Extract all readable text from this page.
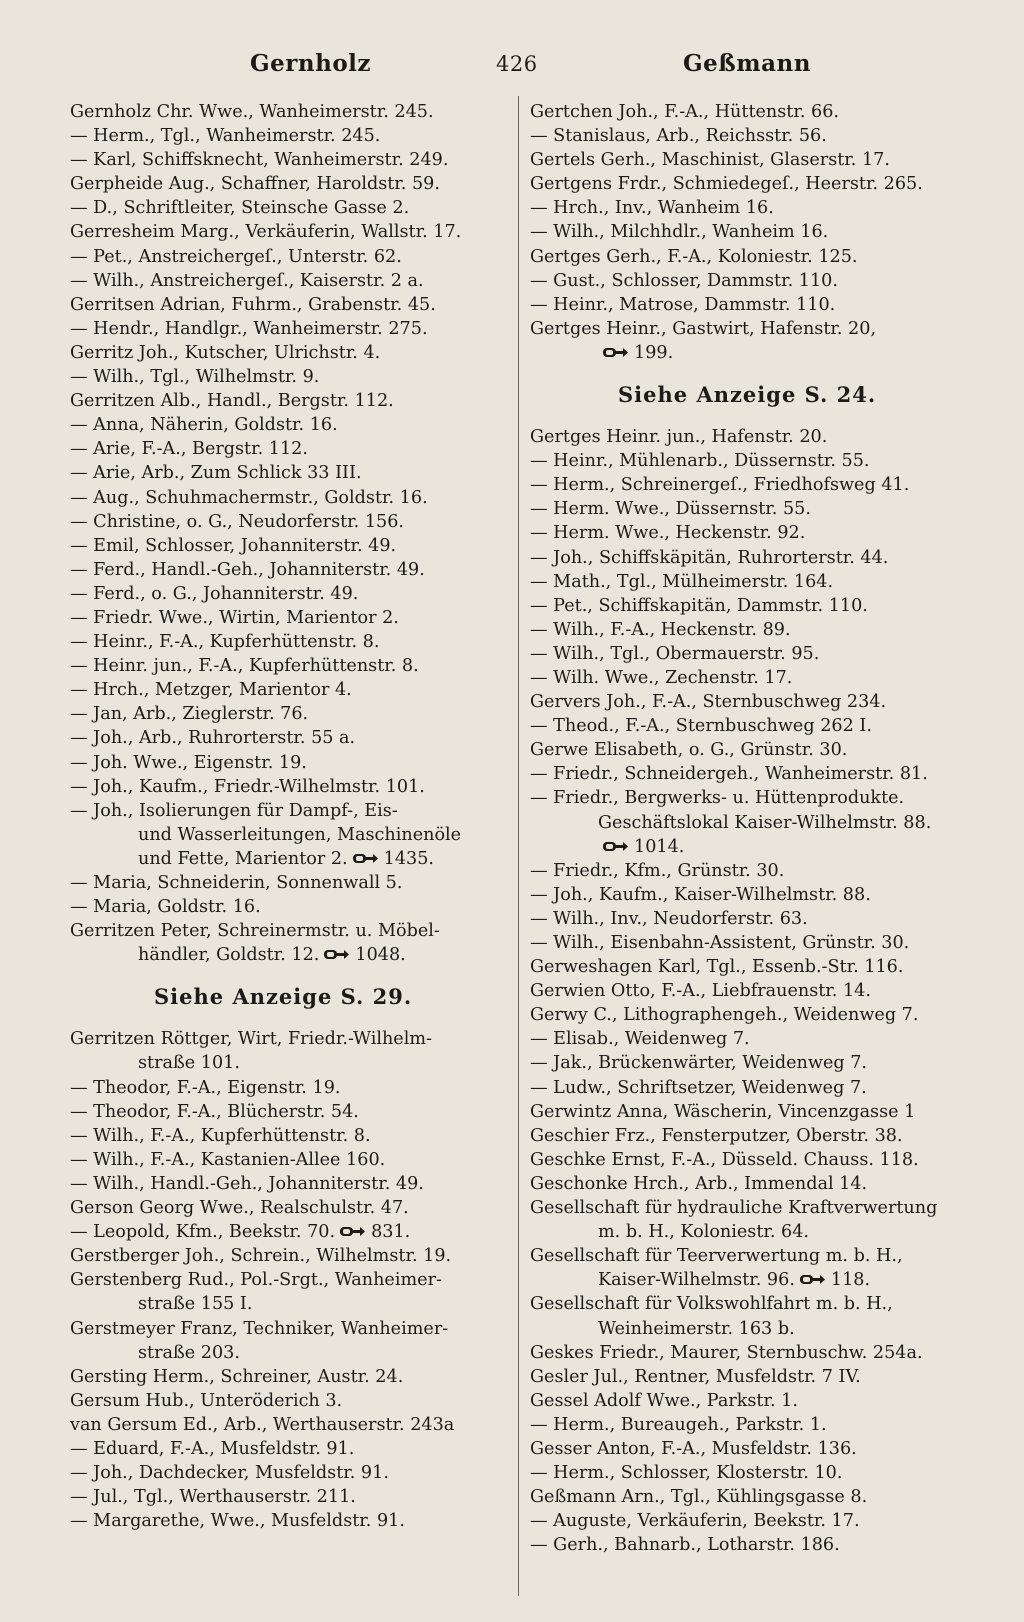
Gernholz	426	Geßmann
Gernholz Chr. Wwe., Wanheimerstr. 245.
— Herm., Tgl., Wanheimerstr. 245.
— Karl, Schiffsknecht, Wanheimerstr. 249.
Gerpheide Aug., Schaffner, Haroldstr. 59.
— D., Schriftleiter, Steinsche Gasse 2.
Gerresheim Marg., Verkäuferin, Wallstr. 17.
— Pet., Anstreichergeſ., Unterstr. 62.
— Wilh., Anstreichergeſ., Kaiserstr. 2 a.
Gerritsen Adrian, Fuhrm., Grabenstr. 45.
— Hendr., Handlgr., Wanheimerstr. 275.
Gerritz Joh., Kutscher, Ulrichstr. 4.
— Wilh., Tgl., Wilhelmstr. 9.
Gerritzen Alb., Handl., Bergstr. 112.
— Anna, Näherin, Goldstr. 16.
— Arie, F.-A., Bergstr. 112.
— Arie, Arb., Zum Schlick 33 III.
— Aug., Schuhmachermstr., Goldstr. 16.
— Christine, o. G., Neudorferstr. 156.
— Emil, Schlosser, Johanniterstr. 49.
— Ferd., Handl.-Geh., Johanniterstr. 49.
— Ferd., o. G., Johanniterstr. 49.
— Friedr. Wwe., Wirtin, Marientor 2.
— Heinr., F.-A., Kupferhüttenstr. 8.
— Heinr. jun., F.-A., Kupferhüttenstr. 8.
— Hrch., Metzger, Marientor 4.
— Jan, Arb., Zieglerstr. 76.
— Joh., Arb., Ruhrorterstr. 55 a.
— Joh. Wwe., Eigenstr. 19.
— Joh., Kaufm., Friedr.-Wilhelmstr. 101.
— Joh., Isolierungen für Dampf-, Eis-
und Wasserleitungen, Maschinenöle
und Fette, Marientor 2. 1435.
— Maria, Schneiderin, Sonnenwall 5.
— Maria, Goldstr. 16.
Gerritzen Peter, Schreinermstr. u. Möbel-
händler, Goldstr. 12. 1048.
Siehe Anzeige S. 29.
Gerritzen Röttger, Wirt, Friedr.-Wilhelm-
straße 101.
— Theodor, F.-A., Eigenstr. 19.
— Theodor, F.-A., Blücherstr. 54.
— Wilh., F.-A., Kupferhüttenstr. 8.
— Wilh., F.-A., Kastanien-Allee 160.
— Wilh., Handl.-Geh., Johanniterstr. 49.
Gerson Georg Wwe., Realschulstr. 47.
— Leopold, Kfm., Beekstr. 70. 831.
Gerstberger Joh., Schrein., Wilhelmstr. 19.
Gerstenberg Rud., Pol.-Srgt., Wanheimer-
straße 155 I.
Gerstmeyer Franz, Techniker, Wanheimer-
straße 203.
Gersting Herm., Schreiner, Austr. 24.
Gersum Hub., Unteröderich 3.
van Gersum Ed., Arb., Werthauserstr. 243a
— Eduard, F.-A., Musfeldstr. 91.
— Joh., Dachdecker, Musfeldstr. 91.
— Jul., Tgl., Werthauserstr. 211.
— Margarethe, Wwe., Musfeldstr. 91.
Gertchen Joh., F.-A., Hüttenstr. 66.
— Stanislaus, Arb., Reichsstr. 56.
Gertels Gerh., Maschinist, Glaserstr. 17.
Gertgens Frdr., Schmiedegeſ., Heerstr. 265.
— Hrch., Inv., Wanheim 16.
— Wilh., Milchhdlr., Wanheim 16.
Gertges Gerh., F.-A., Koloniestr. 125.
— Gust., Schlosser, Dammstr. 110.
— Heinr., Matrose, Dammstr. 110.
Gertges Heinr., Gastwirt, Hafenstr. 20,
199.
Siehe Anzeige S. 24.
Gertges Heinr. jun., Hafenstr. 20.
— Heinr., Mühlenarb., Düssernstr. 55.
— Herm., Schreinergeſ., Friedhofsweg 41.
— Herm. Wwe., Düssernstr. 55.
— Herm. Wwe., Heckenstr. 92.
— Joh., Schiffskäpitän, Ruhrorterstr. 44.
— Math., Tgl., Mülheimerstr. 164.
— Pet., Schiffskapitän, Dammstr. 110.
— Wilh., F.-A., Heckenstr. 89.
— Wilh., Tgl., Obermauerstr. 95.
— Wilh. Wwe., Zechenstr. 17.
Gervers Joh., F.-A., Sternbuschweg 234.
— Theod., F.-A., Sternbuschweg 262 I.
Gerwe Elisabeth, o. G., Grünstr. 30.
— Friedr., Schneidergeh., Wanheimerstr. 81.
— Friedr., Bergwerks- u. Hüttenprodukte.
Geschäftslokal Kaiser-Wilhelmstr. 88.
1014.
— Friedr., Kfm., Grünstr. 30.
— Joh., Kaufm., Kaiser-Wilhelmstr. 88.
— Wilh., Inv., Neudorferstr. 63.
— Wilh., Eisenbahn-Assistent, Grünstr. 30.
Gerweshagen Karl, Tgl., Essenb.-Str. 116.
Gerwien Otto, F.-A., Liebfrauenstr. 14.
Gerwy C., Lithographengeh., Weidenweg 7.
— Elisab., Weidenweg 7.
— Jak., Brückenwärter, Weidenweg 7.
— Ludw., Schriftsetzer, Weidenweg 7.
Gerwintz Anna, Wäscherin, Vincenzgasse 1
Geschier Frz., Fensterputzer, Oberstr. 38.
Geschke Ernst, F.-A., Düsseld. Chauss. 118.
Geschonke Hrch., Arb., Immendal 14.
Gesellschaft für hydrauliche Kraftverwertung
m. b. H., Koloniestr. 64.
Gesellschaft für Teerverwertung m. b. H.,
Kaiser-Wilhelmstr. 96. 118.
Gesellschaft für Volkswohlfahrt m. b. H.,
Weinheimerstr. 163 b.
Geskes Friedr., Maurer, Sternbuschw. 254a.
Gesler Jul., Rentner, Musfeldstr. 7 IV.
Gessel Adolf Wwe., Parkstr. 1.
— Herm., Bureaugeh., Parkstr. 1.
Gesser Anton, F.-A., Musfeldstr. 136.
— Herm., Schlosser, Klosterstr. 10.
Geßmann Arn., Tgl., Kühlingsgasse 8.
— Auguste, Verkäuferin, Beekstr. 17.
— Gerh., Bahnarb., Lotharstr. 186.
